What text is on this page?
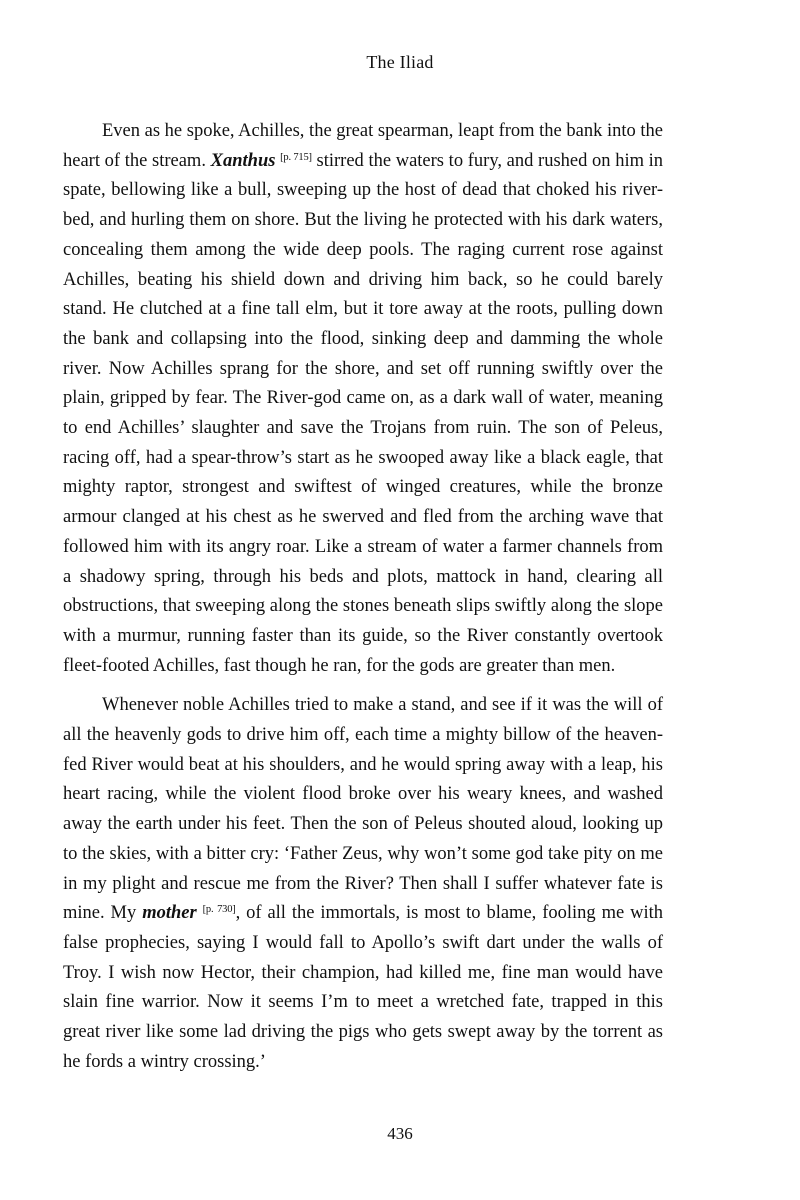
The Iliad

Even as he spoke, Achilles, the great spearman, leapt from the bank into the heart of the stream. Xanthus [p. 715] stirred the waters to fury, and rushed on him in spate, bellowing like a bull, sweeping up the host of dead that choked his river-bed, and hurling them on shore. But the living he protected with his dark waters, concealing them among the wide deep pools. The raging current rose against Achilles, beating his shield down and driving him back, so he could barely stand. He clutched at a fine tall elm, but it tore away at the roots, pulling down the bank and collapsing into the flood, sinking deep and damming the whole river. Now Achilles sprang for the shore, and set off running swiftly over the plain, gripped by fear. The River-god came on, as a dark wall of water, meaning to end Achilles’ slaughter and save the Trojans from ruin. The son of Peleus, racing off, had a spear-throw’s start as he swooped away like a black eagle, that mighty raptor, strongest and swiftest of winged creatures, while the bronze armour clanged at his chest as he swerved and fled from the arching wave that followed him with its angry roar. Like a stream of water a farmer channels from a shadowy spring, through his beds and plots, mattock in hand, clearing all obstructions, that sweeping along the stones beneath slips swiftly along the slope with a murmur, running faster than its guide, so the River constantly overtook fleet-footed Achilles, fast though he ran, for the gods are greater than men.

Whenever noble Achilles tried to make a stand, and see if it was the will of all the heavenly gods to drive him off, each time a mighty billow of the heaven-fed River would beat at his shoulders, and he would spring away with a leap, his heart racing, while the violent flood broke over his weary knees, and washed away the earth under his feet. Then the son of Peleus shouted aloud, looking up to the skies, with a bitter cry: ‘Father Zeus, why won’t some god take pity on me in my plight and rescue me from the River? Then shall I suffer whatever fate is mine. My mother [p. 730], of all the immortals, is most to blame, fooling me with false prophecies, saying I would fall to Apollo’s swift dart under the walls of Troy. I wish now Hector, their champion, had killed me, fine man would have slain fine warrior. Now it seems I’m to meet a wretched fate, trapped in this great river like some lad driving the pigs who gets swept away by the torrent as he fords a wintry crossing.’

436
